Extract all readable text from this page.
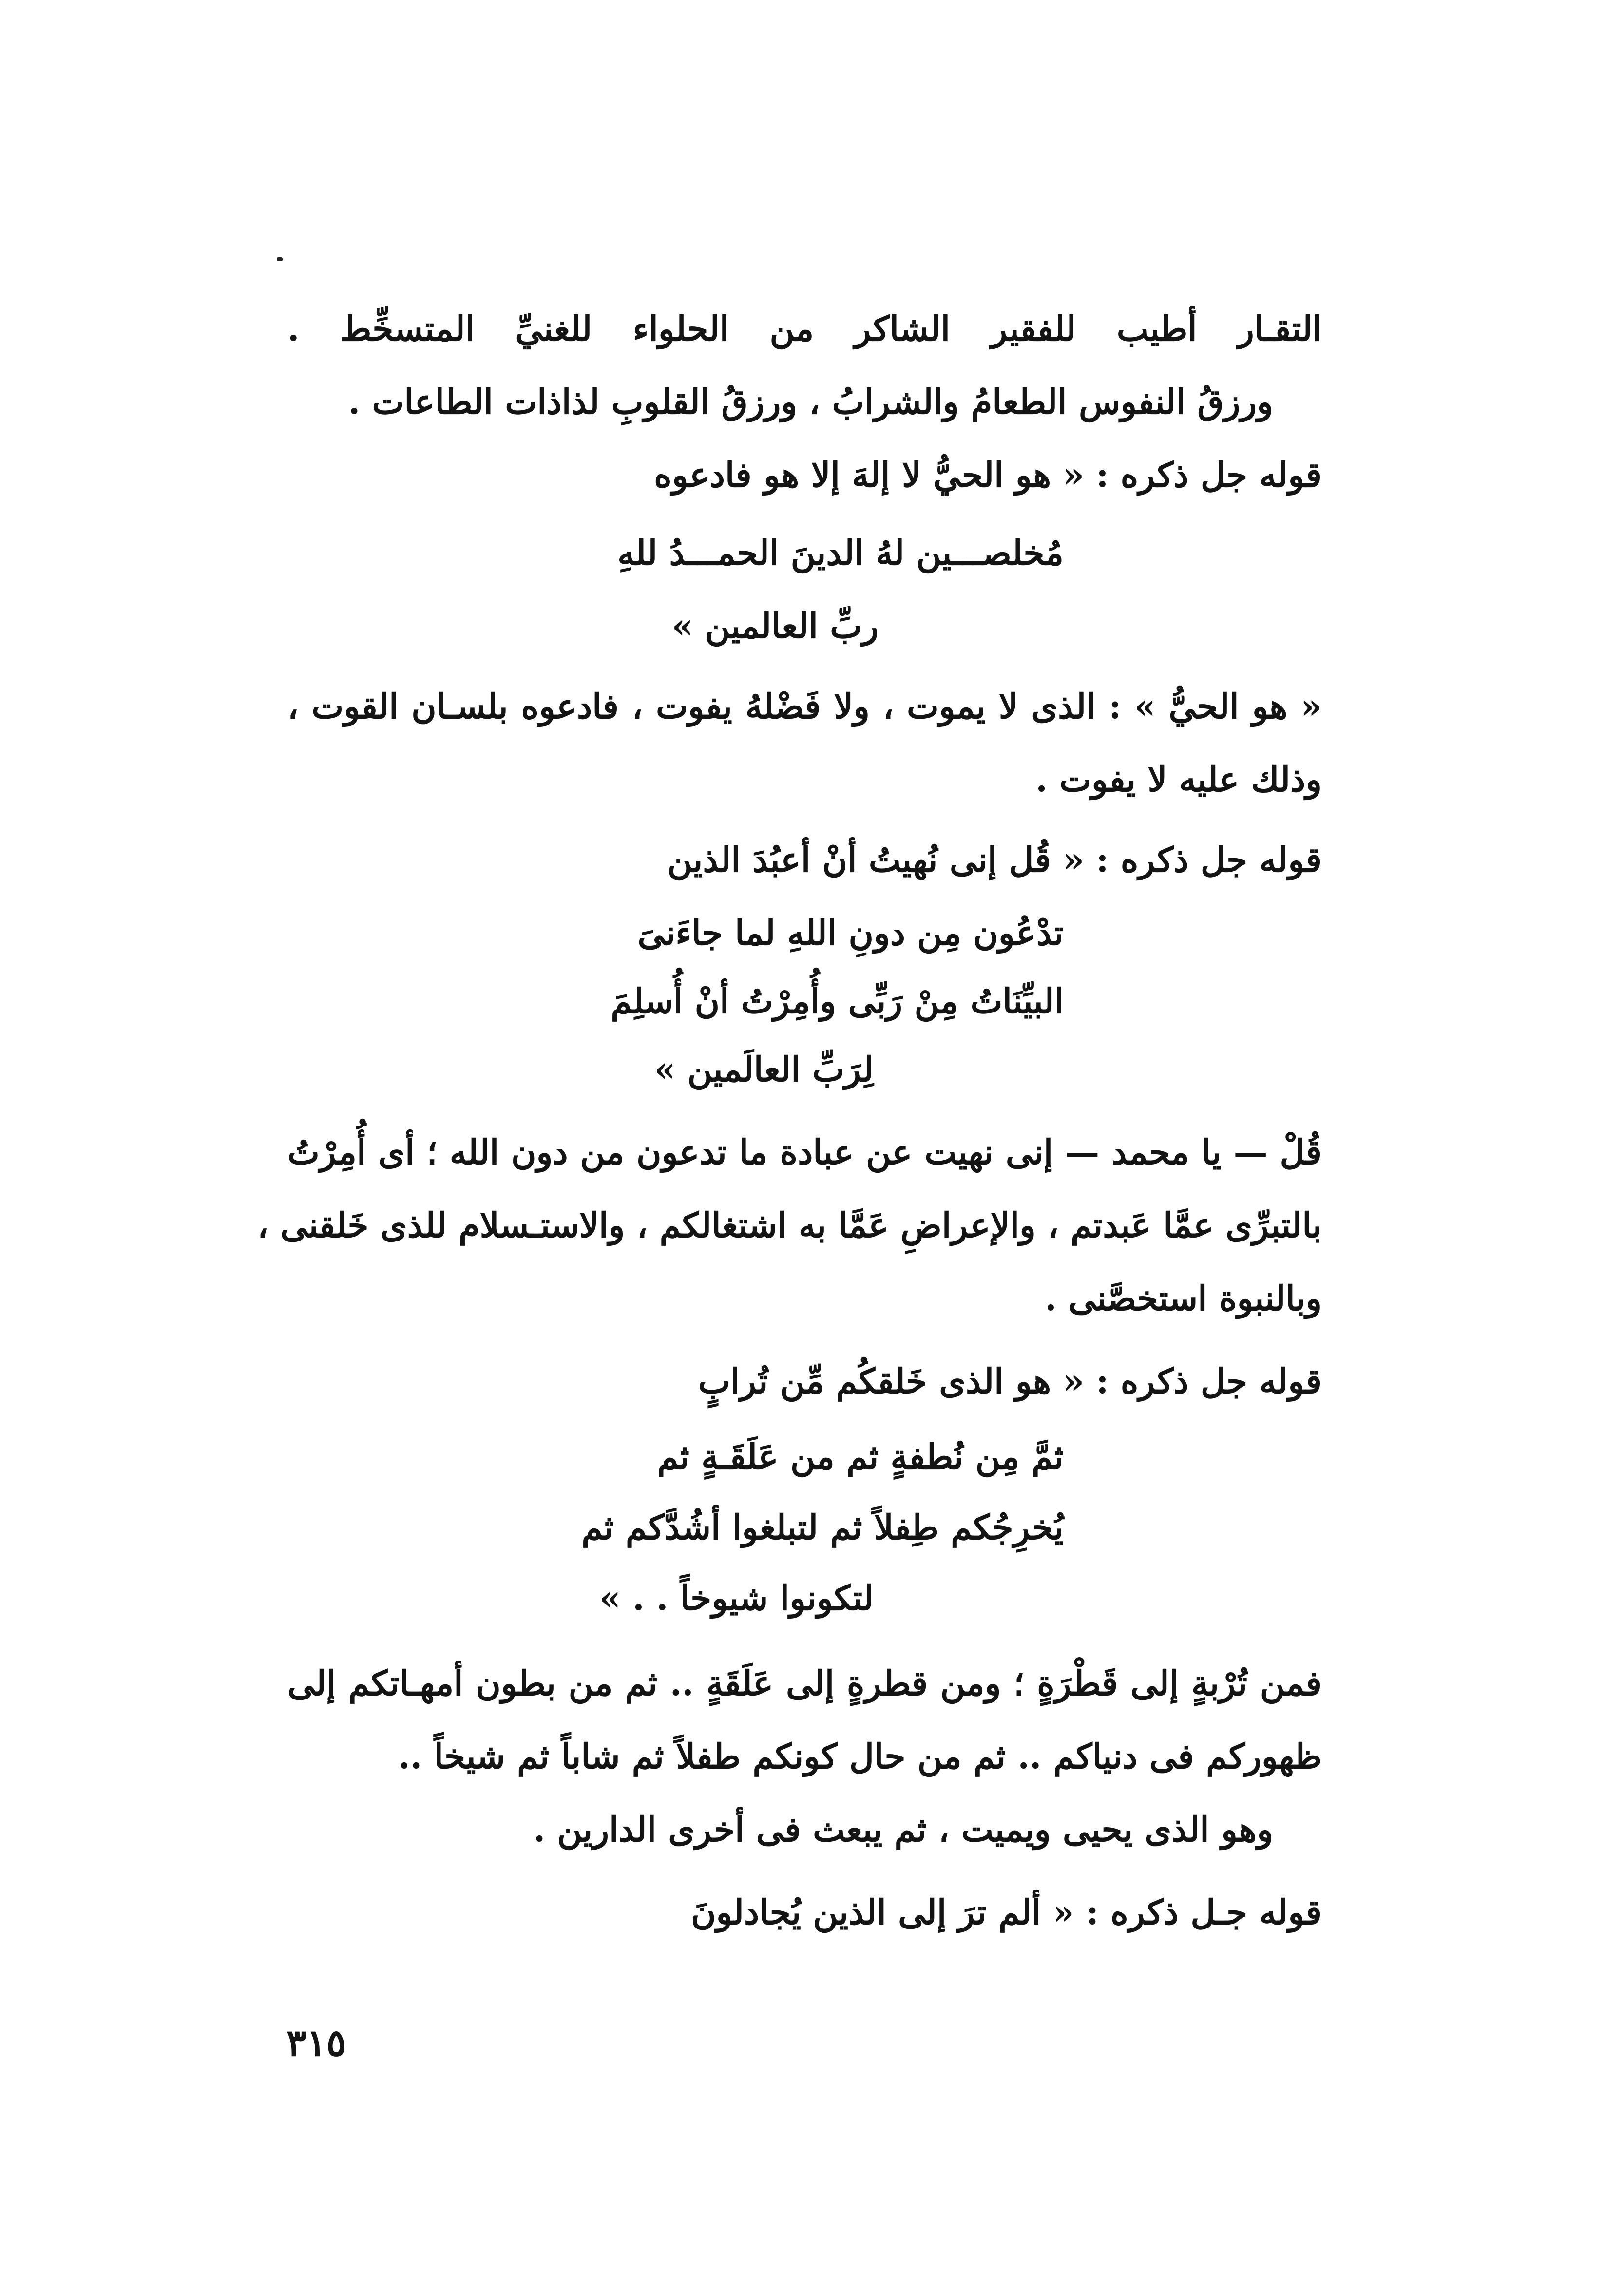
التقـار أطيب للفقير الشاكر من الحلواء للغنيِّ المتسخِّط .
ورزقُ النفوس الطعامُ والشرابُ ، ورزقُ القلوبِ لذاذات الطاعات .
قوله جل ذكره : « هو الحيُّ لا إلهَ إلا هو فادعوه
مُخلصـــين لهُ الدينَ الحمـــدُ للهِ
ربِّ العالمين »
« هو الحيُّ » : الذى لا يموت ، ولا فَضْلهُ يفوت ، فادعوه بلسـان القوت ،
وذلك عليه لا يفوت .
قوله جل ذكره : « قُل إنى نُهيتُ أنْ أعبُدَ الذين
تدْعُون مِن دونِ اللهِ لما جاءَنىَ
البيِّنَاتُ مِنْ رَبِّى وأُمِرْتُ أنْ أُسلِمَ
لِرَبِّ العالَمين »
قُلْ — يا محمد — إنى نهيت عن عبادة ما تدعون من دون الله ؛ أى أُمِرْتُ
بالتبرِّى عمَّا عَبدتم ، والإعراضِ عَمَّا به اشتغالكم ، والاستـسلام للذى خَلقنى ،
وبالنبوة استخصَّنى .
قوله جل ذكره : « هو الذى خَلقكُم مِّن تُرابٍ
ثمَّ مِن نُطفةٍ ثم من عَلَقَـةٍ ثم
يُخرِجُكم طِفلاً ثم لتبلغوا أشُدَّكم ثم
لتكونوا شيوخاً . . »
فمن تُرْبةٍ إلى قَطْرَةٍ ؛ ومن قطرةٍ إلى عَلَقَةٍ .. ثم من بطون أمهـاتكم إلى
ظهوركم فى دنياكم .. ثم من حال كونكم طفلاً ثم شاباً ثم شيخاً ..
وهو الذى يحيى ويميت ، ثم يبعث فى أخرى الدارين .
قوله جـل ذكره : « ألم ترَ إلى الذين يُجادلونَ
٣١٥
